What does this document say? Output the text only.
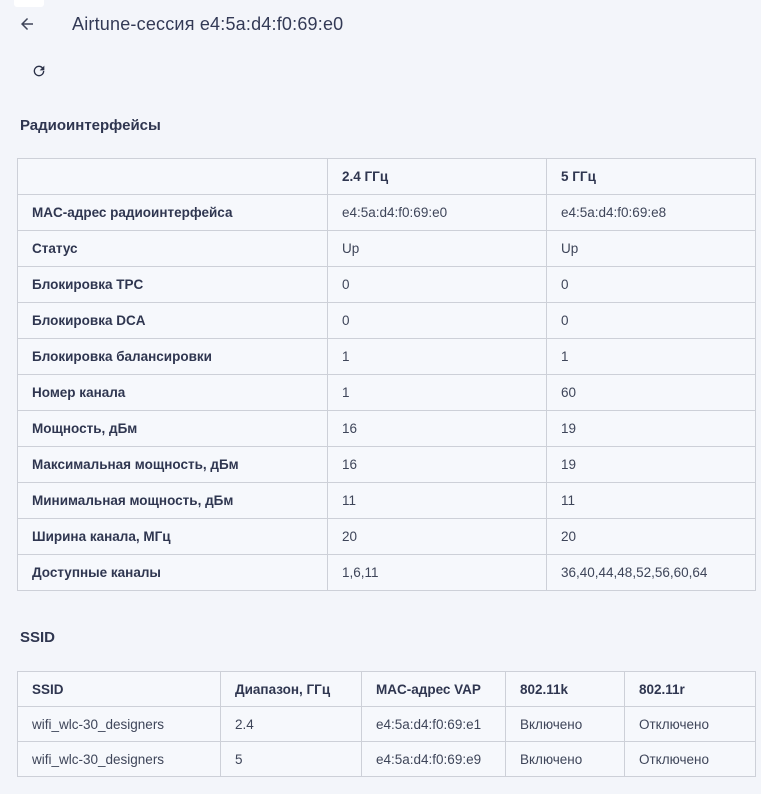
Airtune-сессия e4:5a:d4:f0:69:e0
Радиоинтерфейсы
	2.4 ГГц	5 ГГц
MAC-адрес радиоинтерфейса	e4:5a:d4:f0:69:e0	e4:5a:d4:f0:69:e8
Статус	Up	Up
Блокировка TPC	0	0
Блокировка DCA	0	0
Блокировка балансировки	1	1
Номер канала	1	60
Мощность, дБм	16	19
Максимальная мощность, дБм	16	19
Минимальная мощность, дБм	11	11
Ширина канала, МГц	20	20
Доступные каналы	1,6,11	36,40,44,48,52,56,60,64
SSID
SSID	Диапазон, ГГц	MAC-адрес VAP	802.11k	802.11r
wifi_wlc-30_designers	2.4	e4:5a:d4:f0:69:e1	Включено	Отключено
wifi_wlc-30_designers	5	e4:5a:d4:f0:69:e9	Включено	Отключено
